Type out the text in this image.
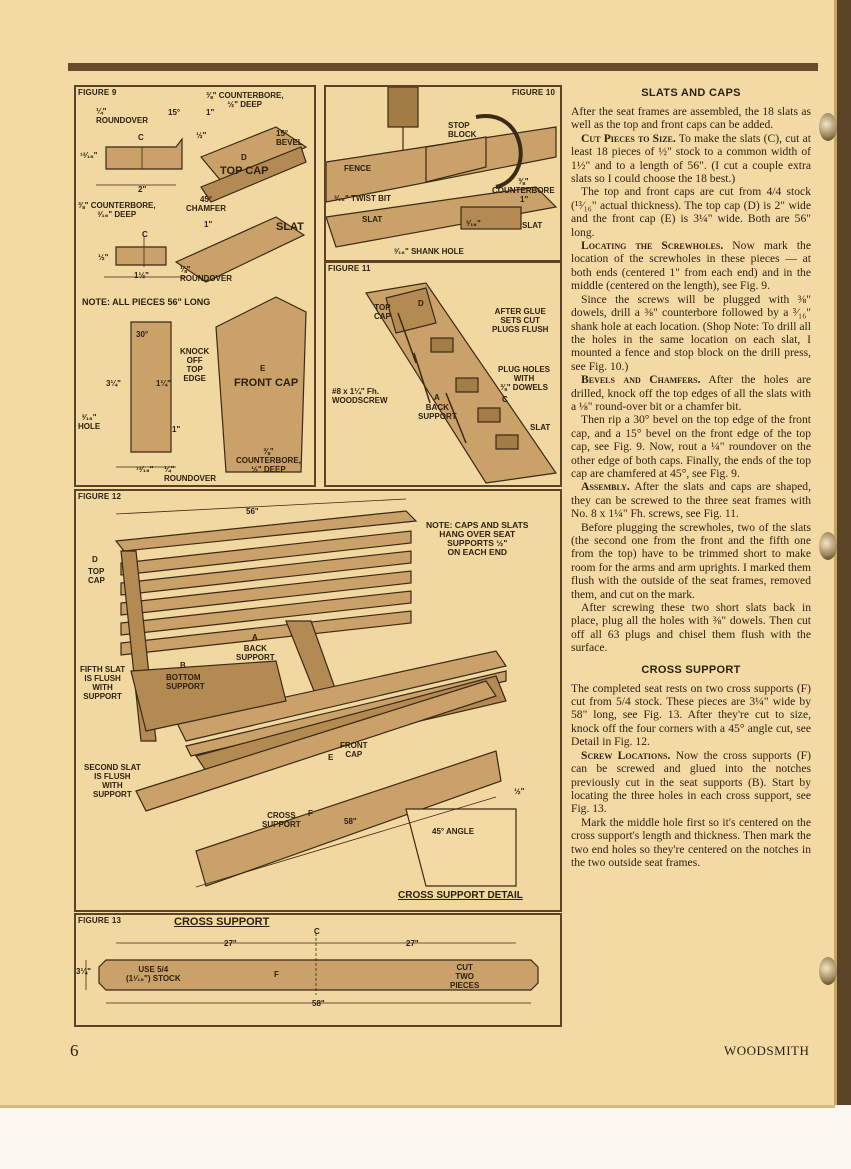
FIGURE 9	⅜" COUNTERBORE,
½" DEEP
¼"
ROUNDOVER
15°	1"
½"	15°
BEVEL
¹³⁄₁₆"
2"
C
D
TOP CAP
⅜" COUNTERBORE,
³⁄₁₆" DEEP
45°
CHAMFER
1"
C
SLAT
½"
1½"
⅛"
ROUNDOVER
NOTE: ALL PIECES 56" LONG
30°
KNOCK
OFF
TOP
EDGE
3¼"	1¼"
³⁄₁₆"
HOLE	1"
E
FRONT CAP
¹³⁄₁₆" ¼"
ROUNDOVER
⅜"
COUNTERBORE,
½" DEEP
FIGURE 10
STOP
BLOCK
FENCE
³⁄₁₆" TWIST BIT
⅜"
COUNTERBORE
1"
³⁄₁₆"
SLAT
SLAT
³⁄₁₆" SHANK HOLE
FIGURE 11
TOP
CAP
D
AFTER GLUE
SETS CUT
PLUGS FLUSH
PLUG HOLES
WITH
⅜" DOWELS
#8 x 1¼" Fh.
WOODSCREW	A
BACK
SUPPORT
C
SLAT
FIGURE 12
56"
NOTE: CAPS AND SLATS
HANG OVER SEAT
SUPPORTS ½"
ON EACH END
D
TOP
CAP
A
BACK
SUPPORT
B
BOTTOM
SUPPORT
FIFTH SLAT
IS FLUSH
WITH
SUPPORT
FRONT
CAP
E
SECOND SLAT
IS FLUSH
WITH
SUPPORT
CROSS
SUPPORT
F
58"
½"
45° ANGLE
CROSS SUPPORT DETAIL
FIGURE 13	CROSS SUPPORT
C
27"	27"
3¼"	USE 5/4
(1¹⁄₁₆") STOCK	F
CUT
TWO
PIECES
58"
SLATS AND CAPS

After the seat frames are assembled, the 18 slats as well as the top and front caps can be added.

Cut Pieces to Size. To make the slats (C), cut at least 18 pieces of ½" stock to a common width of 1½" and to a length of 56". (I cut a couple extra slats so I could choose the 18 best.)

The top and front caps are cut from 4/4 stock (¹³⁄₁₆" actual thickness). The top cap (D) is 2" wide and the front cap (E) is 3¼" wide. Both are 56" long.

Locating the Screwholes. Now mark the location of the screwholes in these pieces — at both ends (centered 1" from each end) and in the middle (centered on the length), see Fig. 9.

Since the screws will be plugged with ⅜" dowels, drill a ⅜" counterbore followed by a ³⁄₁₆" shank hole at each location. (Shop Note: To drill all the holes in the same location on each slat, I mounted a fence and stop block on the drill press, see Fig. 10.)

Bevels and Chamfers. After the holes are drilled, knock off the top edges of all the slats with a ⅛" round-over bit or a chamfer bit.

Then rip a 30° bevel on the top edge of the front cap, and a 15° bevel on the front edge of the top cap, see Fig. 9. Now, rout a ¼" roundover on the other edge of both caps. Finally, the ends of the top cap are chamfered at 45°, see Fig. 9.

Assembly. After the slats and caps are shaped, they can be screwed to the three seat frames with No. 8 x 1¼" Fh. screws, see Fig. 11.

Before plugging the screwholes, two of the slats (the second one from the front and the fifth one from the top) have to be trimmed short to make room for the arms and arm uprights. I marked them flush with the outside of the seat frames, removed them, and cut on the mark.

After screwing these two short slats back in place, plug all the holes with ⅜" dowels. Then cut off all 63 plugs and chisel them flush with the surface.

CROSS SUPPORT

The completed seat rests on two cross supports (F) cut from 5/4 stock. These pieces are 3¼" wide by 58" long, see Fig. 13. After they're cut to size, knock off the four corners with a 45° angle cut, see Detail in Fig. 12.

Screw Locations. Now the cross supports (F) can be screwed and glued into the notches previously cut in the seat supports (B). Start by locating the three holes in each cross support, see Fig. 13.

Mark the middle hole first so it's centered on the cross support's length and thickness. Then mark the two end holes so they're centered on the notches in the two outside seat frames.

6	WOODSMITH
